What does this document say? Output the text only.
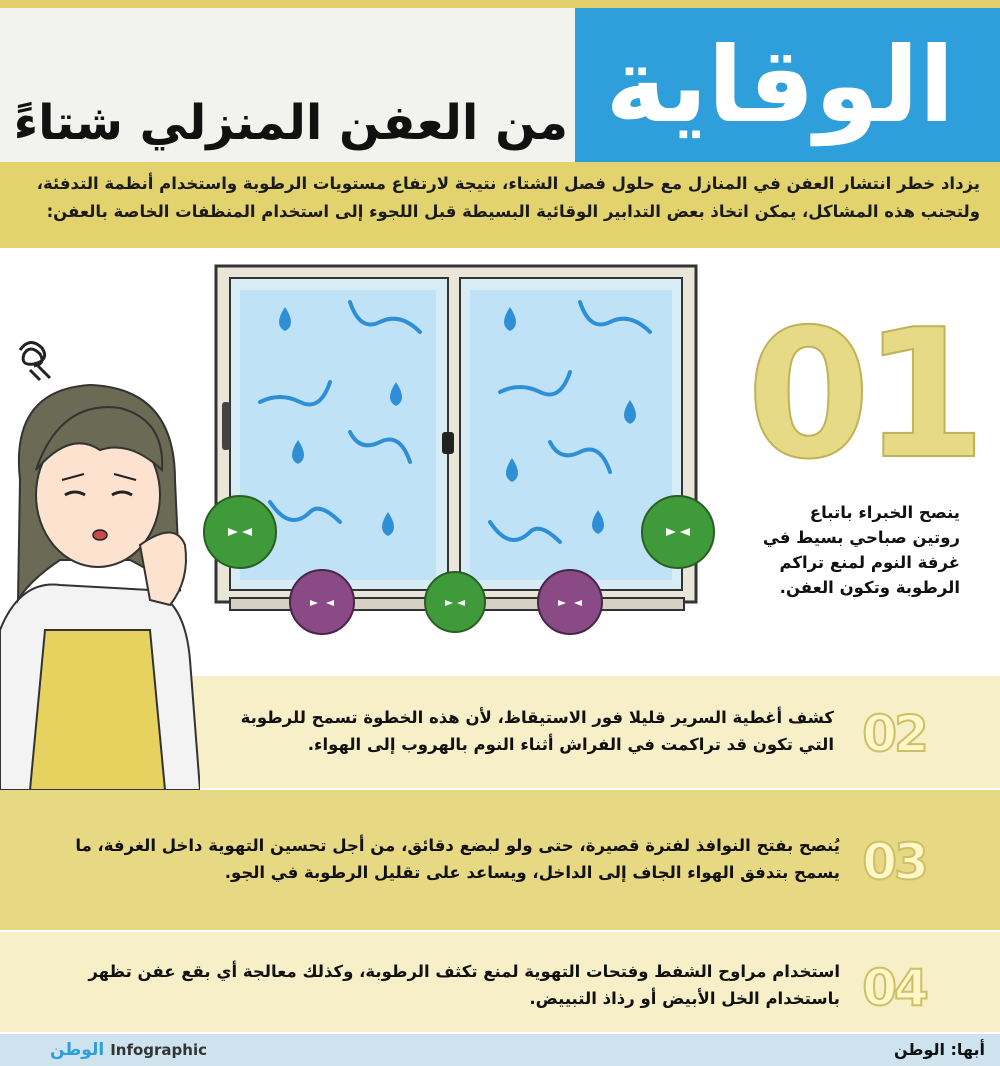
الوقاية
من العفن المنزلي شتاءً
يزداد خطر انتشار العفن في المنازل مع حلول فصل الشتاء، نتيجة لارتفاع مستويات الرطوبة واستخدام أنظمة التدفئة،
ولتجنب هذه المشاكل، يمكن اتخاذ بعض التدابير الوقائية البسيطة قبل اللجوء إلى استخدام المنظفات الخاصة بالعفن:
01
ينصح الخبراء باتباع روتين صباحي بسيط في غرفة النوم لمنع تراكم الرطوبة وتكون العفن.
02
كشف أغطية السرير قليلا فور الاستيقاظ، لأن هذه الخطوة تسمح للرطوبة التي تكون قد تراكمت في الفراش أثناء النوم بالهروب إلى الهواء.
03
يُنصح بفتح النوافذ لفترة قصيرة، حتى ولو لبضع دقائق، من أجل تحسين التهوية داخل الغرفة، ما يسمح بتدفق الهواء الجاف إلى الداخل، ويساعد على تقليل الرطوبة في الجو.
04
استخدام مراوح الشفط وفتحات التهوية لمنع تكثف الرطوبة، وكذلك معالجة أي بقع عفن تظهر باستخدام الخل الأبيض أو رذاذ التبييض.
الوطن Infographic	أبها: الوطن
